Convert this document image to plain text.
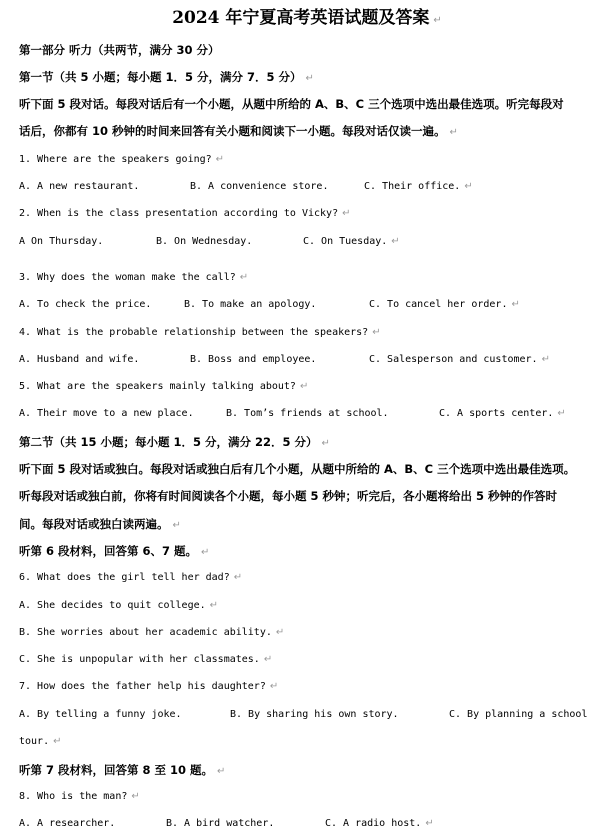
2024 年宁夏高考英语试题及答案 ↵
第一部分 听力（共两节，满分 30 分）
第一节（共 5 小题；每小题 1．5 分，满分 7．5 分） ↵
听下面 5 段对话。每段对话后有一个小题，从题中所给的 A、B、C 三个选项中选出最佳选项。听完每段对
话后，你都有 10 秒钟的时间来回答有关小题和阅读下一小题。每段对话仅读一遍。 ↵
1. Where are the speakers going? ↵
A. A new restaurant.	B. A convenience store.	C. Their office. ↵
2. When is the class presentation according to Vicky? ↵
A On Thursday.	B. On Wednesday.	C. On Tuesday. ↵
3. Why does the woman make the call? ↵
A. To check the price.	B. To make an apology.	C. To cancel her order. ↵
4. What is the probable relationship between the speakers? ↵
A. Husband and wife.	B. Boss and employee.	C. Salesperson and customer. ↵
5. What are the speakers mainly talking about? ↵
A. Their move to a new place.	B. Tom’s friends at school.	C. A sports center. ↵
第二节（共 15 小题；每小题 1．5 分，满分 22．5 分） ↵
听下面 5 段对话或独白。每段对话或独白后有几个小题，从题中所给的 A、B、C 三个选项中选出最佳选项。
听每段对话或独白前，你将有时间阅读各个小题，每小题 5 秒钟；听完后，各小题将给出 5 秒钟的作答时
间。每段对话或独白读两遍。 ↵
听第 6 段材料，回答第 6、7 题。 ↵
6. What does the girl tell her dad? ↵
A. She decides to quit college. ↵
B. She worries about her academic ability. ↵
C. She is unpopular with her classmates. ↵
7. How does the father help his daughter? ↵
A. By telling a funny joke.	B. By sharing his own story.	C. By planning a school
tour. ↵
听第 7 段材料，回答第 8 至 10 题。 ↵
8. Who is the man? ↵
A. A researcher.	B. A bird watcher.	C. A radio host. ↵
